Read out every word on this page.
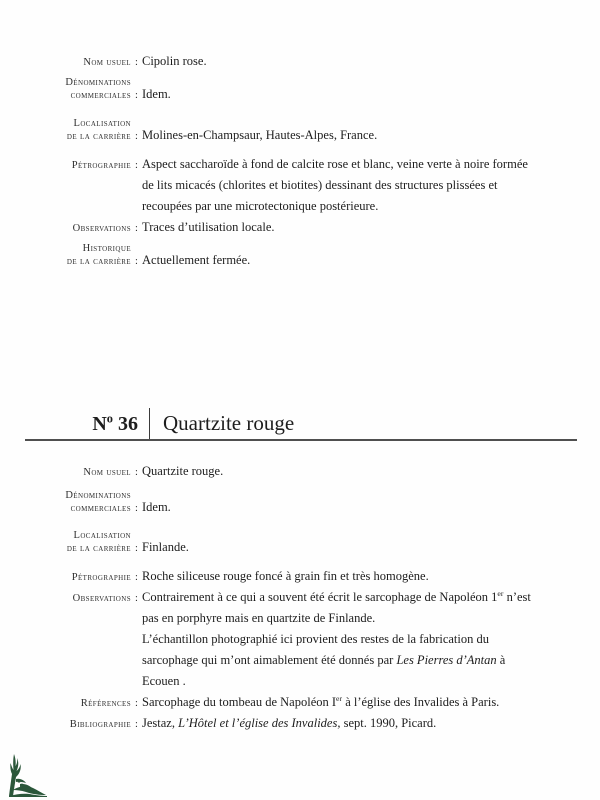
Nom usuel : Cipolin rose.
Dénominations
commerciales : Idem.
Localisation
de la carrière : Molines-en-Champsaur, Hautes-Alpes, France.
Pétrographie : Aspect saccharoïde à fond de calcite rose et blanc, veine verte à noire formée
de lits micacés (chlorites et biotites) dessinant des structures plissées et
recoupées par une microtectonique postérieure.
Observations : Traces d’utilisation locale.
Historique
de la carrière : Actuellement fermée.
$N^o$ 36	Quartzite rouge
Nom usuel : Quartzite rouge.
Dénominations
commerciales : Idem.
Localisation
de la carrière : Finlande.
Pétrographie : Roche siliceuse rouge foncé à grain fin et très homogène.
Observations : Contrairement à ce qui a souvent été écrit le sarcophage de Napoléon 1er n’est
pas en porphyre mais en quartzite de Finlande.
L’échantillon photographié ici provient des restes de la fabrication du
sarcophage qui m’ont aimablement été donnés par Les Pierres d’Antan à
Ecouen .
Références : Sarcophage du tombeau de Napoléon Ier à l’église des Invalides à Paris.
Bibliographie : Jestaz, L’Hôtel et l’église des Invalides, sept. 1990, Picard.
